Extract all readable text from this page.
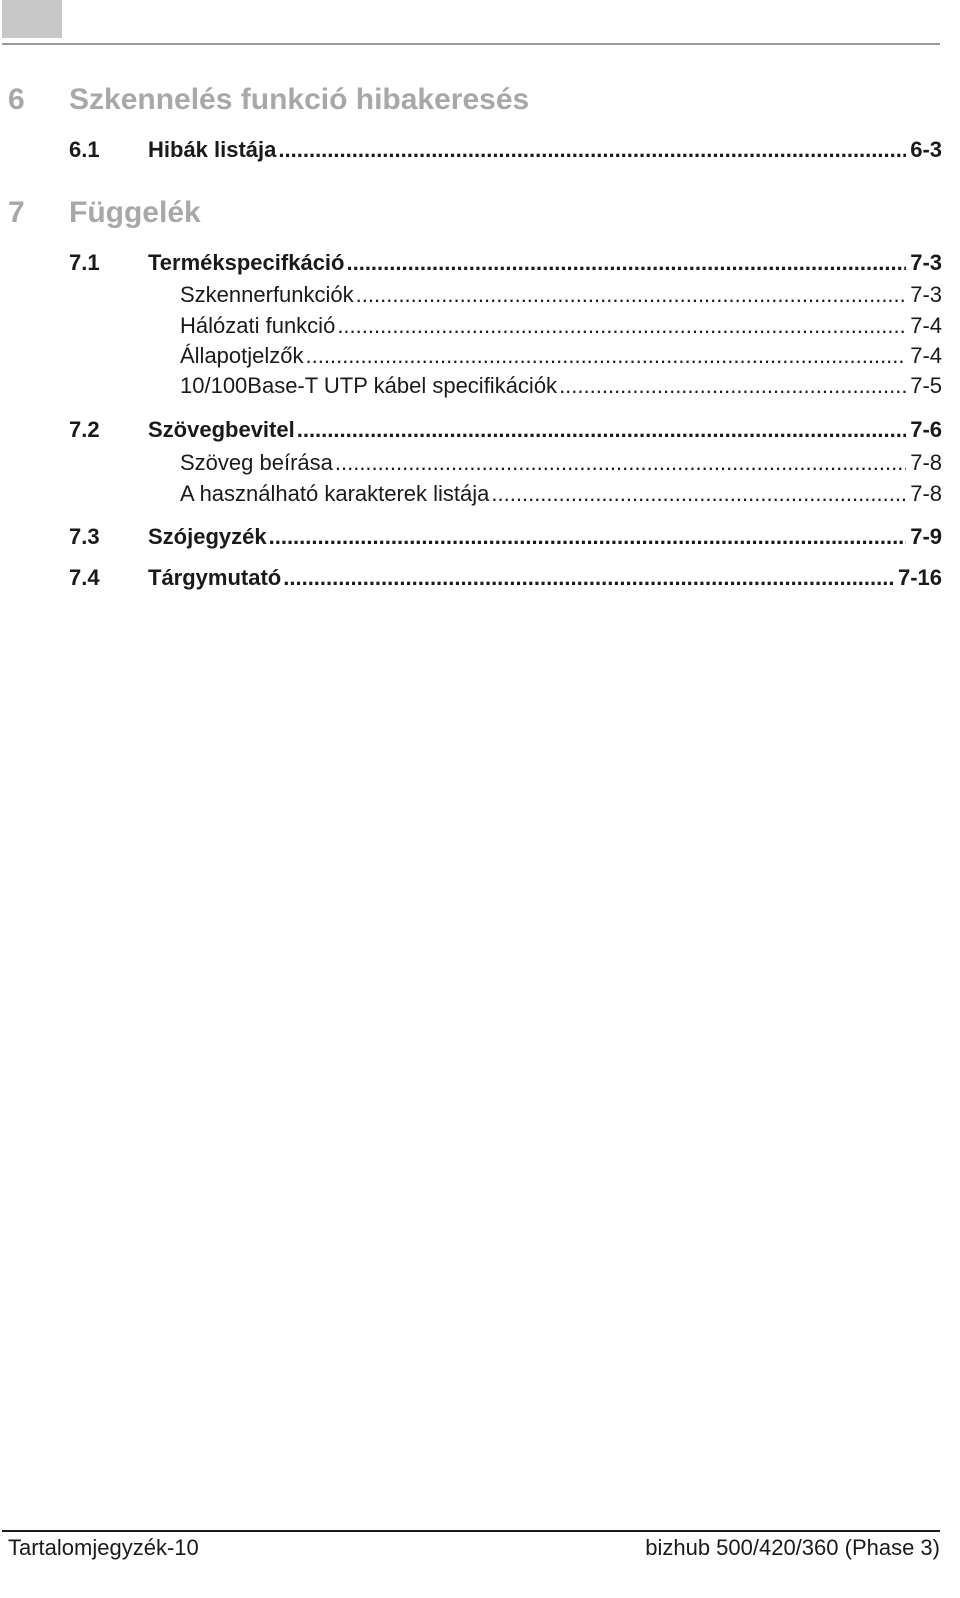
6 Szkennelés funkció hibakeresés
6.1	Hibák listája .....	6-3
7 Függelék
7.1	Termékspecifkáció .....	7-3
Szkennerfunkciók .....	7-3
Hálózati funkció .....	7-4
Állapotjelzők .....	7-4
10/100Base-T UTP kábel specifikációk .....	7-5
7.2	Szövegbevitel .....	7-6
Szöveg beírása .....	7-8
A használható karakterek listája .....	7-8
7.3	Szójegyzék .....	7-9
7.4	Tárgymutató .....	7-16
Tartalomjegyzék-10	bizhub 500/420/360 (Phase 3)
